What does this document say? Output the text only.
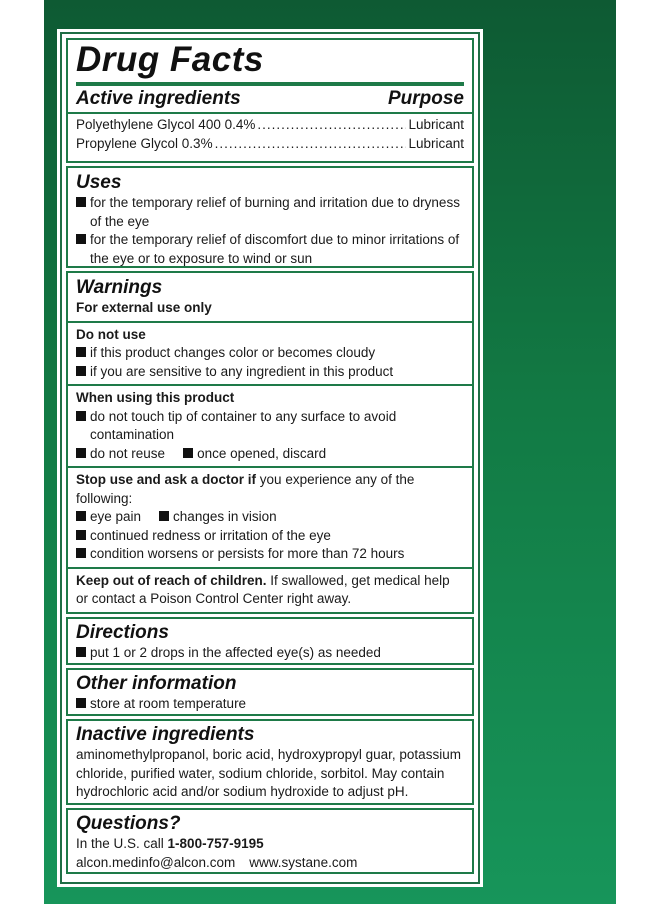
Drug Facts
Active ingredients	Purpose
Polyethylene Glycol 400 0.4% .....	Lubricant
Propylene Glycol 0.3% .....	Lubricant
Uses
for the temporary relief of burning and irritation due to dryness
of the eye
for the temporary relief of discomfort due to minor irritations of
the eye or to exposure to wind or sun
Warnings
For external use only
Do not use
if this product changes color or becomes cloudy
if you are sensitive to any ingredient in this product
When using this product
do not touch tip of container to any surface to avoid
contamination
do not reuse once opened, discard
Stop use and ask a doctor if you experience any of the
following:
eye pain changes in vision
continued redness or irritation of the eye
condition worsens or persists for more than 72 hours
Keep out of reach of children. If swallowed, get medical help
or contact a Poison Control Center right away.
Directions
put 1 or 2 drops in the affected eye(s) as needed
Other information
store at room temperature
Inactive ingredients
aminomethylpropanol, boric acid, hydroxypropyl guar, potassium
chloride, purified water, sodium chloride, sorbitol. May contain
hydrochloric acid and/or sodium hydroxide to adjust pH.
Questions?
In the U.S. call 1-800-757-9195
alcon.medinfo@alcon.com www.systane.com
